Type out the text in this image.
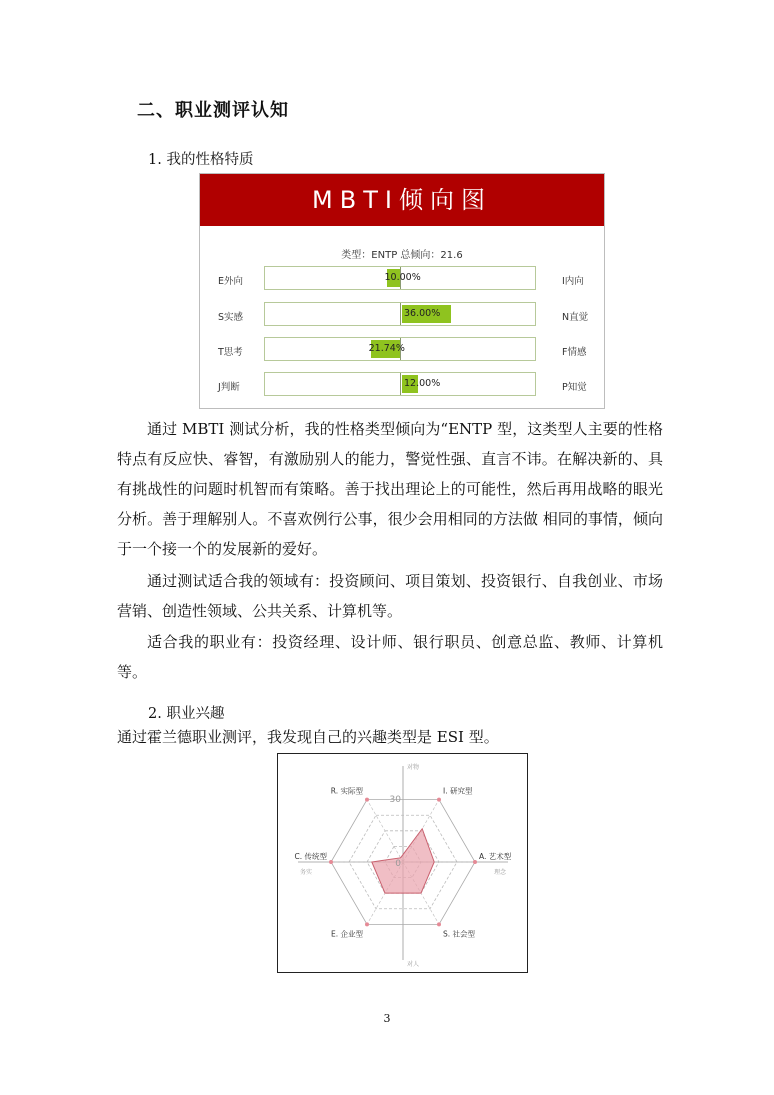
二、职业测评认知
1. 我的性格特质
MBTI倾向图
类型：ENTP 总倾向：21.6
E外向	10.00%	I内向
S实感	36.00%	N直觉
T思考	21.74%	F情感
J判断	12.00%	P知觉

通过 MBTI 测试分析，我的性格类型倾向为“ENTP 型，这类型人主要的性格特点有反应快、睿智，有激励别人的能力，警觉性强、直言不讳。在解决新的、具有挑战性的问题时机智而有策略。善于找出理论上的可能性，然后再用战略的眼光分析。善于理解别人。不喜欢例行公事，很少会用相同的方法做 相同的事情，倾向于一个接一个的发展新的爱好。

通过测试适合我的领域有：投资顾问、项目策划、投资银行、自我创业、市场营销、创造性领域、公共关系、计算机等。

适合我的职业有：投资经理、设计师、银行职员、创意总监、教师、计算机等。

2. 职业兴趣

通过霍兰德职业测评，我发现自己的兴趣类型是 ESI 型。

R. 实际型	I. 研究型
A. 艺术型
S. 社会型
E. 企业型
C. 传统型
30
0
对物
对人
务实	理念
3
